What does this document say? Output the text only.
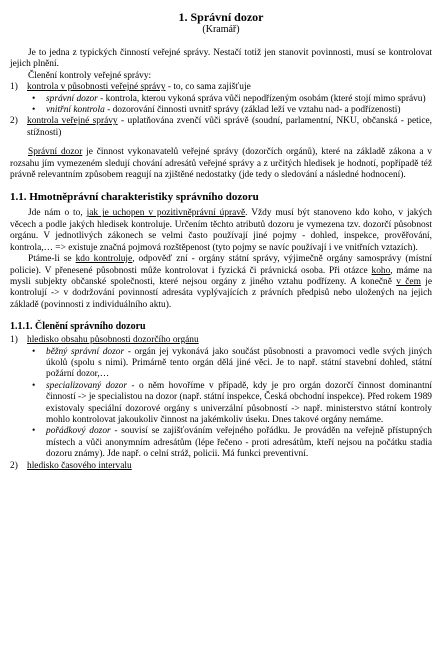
1. Správní dozor
(Kramář)

Je to jedna z typických činností veřejné správy. Nestačí totiž jen stanovit povinnosti, musí se kontrolovat jejich plnění.

Členění kontroly veřejné správy:

1) kontrola v působnosti veřejné správy - to, co sama zajišťuje
•	správní dozor - kontrola, kterou vykoná správa vůči nepodřízeným osobám (které stojí mimo správu)
•	vnitřní kontrola - dozorování činnosti uvnitř správy (základ leží ve vztahu nad- a podřízenosti)
2) kontrola veřejné správy - uplatňována zvenčí vůči správě (soudní, parlamentní, NKU, občanská - petice, stížnosti)

Správní dozor je činnost vykonavatelů veřejné správy (dozorčích orgánů), které na základě zákona a v rozsahu jím vymezeném sledují chování adresátů veřejné správy a z určitých hledisek je hodnotí, popřípadě též právně relevantním způsobem reagují na zjištěné nedostatky (jde tedy o sledování a následné hodnocení).

1.1. Hmotněprávní charakteristiky správního dozoru

Jde nám o to, jak je uchopen v pozitivněprávní úpravě. Vždy musí být stanoveno kdo koho, v jakých věcech a podle jakých hledisek kontroluje. Určením těchto atributů dozoru je vymezena tzv. dozorčí působnost orgánu. V jednotlivých zákonech se velmi často používají jiné pojmy - dohled, inspekce, prověřování, kontrola,… => existuje značná pojmová rozštěpenost (tyto pojmy se navíc používají i ve vnitřních vztazích).

Ptáme-li se kdo kontroluje, odpověď zní - orgány státní správy, výjimečně orgány samosprávy (místní policie). V přenesené působnosti může kontrolovat i fyzická či právnická osoba. Při otázce koho, máme na mysli subjekty občanské společnosti, které nejsou orgány z jiného vztahu podřízeny. A konečně v čem je kontrolují -> v dodržování povinností adresáta vyplývajících z právních předpisů nebo uložených na jejich základě (povinnosti z individuálního aktu).

1.1.1. Členění správního dozoru
1) hledisko obsahu působnosti dozorčího orgánu
•	běžný správní dozor - orgán jej vykonává jako součást působnosti a pravomoci vedle svých jiných úkolů (spolu s nimi). Primárně tento orgán dělá jiné věci. Je to např. státní stavební dohled, státní požární dozor,…
•	specializovaný dozor - o něm hovoříme v případě, kdy je pro orgán dozorčí činnost dominantní činností -> je specialistou na dozor (např. státní inspekce, Česká obchodní inspekce). Před rokem 1989 existovaly speciální dozorové orgány s univerzální působností -> např. ministerstvo státní kontroly mohlo kontrolovat jakoukoliv činnost na jakémkoliv úseku. Dnes takové orgány nemáme.
•	pořádkový dozor - souvisí se zajišťováním veřejného pořádku. Je prováděn na veřejně přístupných místech a vůči anonymním adresátům (lépe řečeno - proti adresátům, kteří nejsou na počátku stadia dozoru známy). Jde např. o celní stráž, policii. Má funkci preventivní.
2) hledisko časového intervalu
